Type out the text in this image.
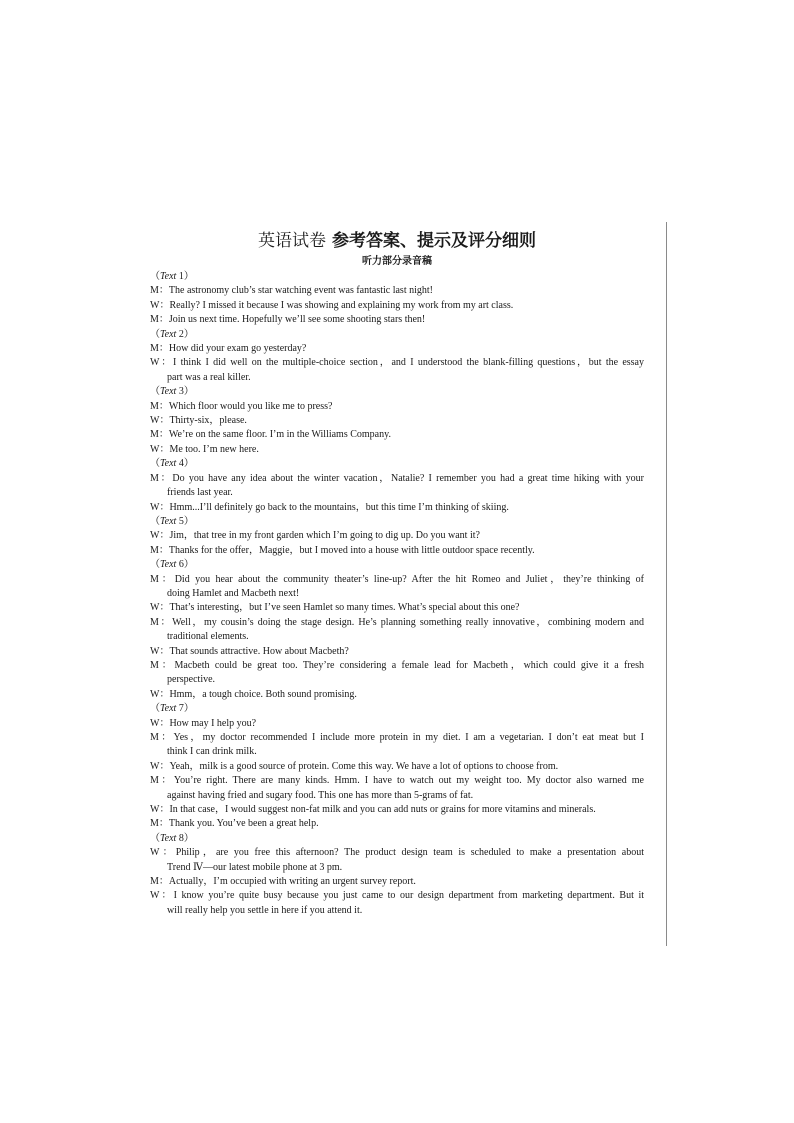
英语试卷 参考答案、提示及评分细则
听力部分录音稿
（Text 1）
M：The astronomy club’s star watching event was fantastic last night!
W：Really? I missed it because I was showing and explaining my work from my art class.
M：Join us next time. Hopefully we’ll see some shooting stars then!
（Text 2）
M：How did your exam go yesterday?
W：I think I did well on the multiple-choice section，and I understood the blank-filling questions，but the essay
part was a real killer.
（Text 3）
M：Which floor would you like me to press?
W：Thirty-six，please.
M：We’re on the same floor. I’m in the Williams Company.
W：Me too. I’m new here.
（Text 4）
M：Do you have any idea about the winter vacation，Natalie? I remember you had a great time hiking with your
friends last year.
W：Hmm...I’ll definitely go back to the mountains，but this time I’m thinking of skiing.
（Text 5）
W：Jim，that tree in my front garden which I’m going to dig up. Do you want it?
M：Thanks for the offer，Maggie，but I moved into a house with little outdoor space recently.
（Text 6）
M：Did you hear about the community theater’s line-up? After the hit Romeo and Juliet，they’re thinking of
doing Hamlet and Macbeth next!
W：That’s interesting，but I’ve seen Hamlet so many times. What’s special about this one?
M：Well，my cousin’s doing the stage design. He’s planning something really innovative，combining modern and
traditional elements.
W：That sounds attractive. How about Macbeth?
M：Macbeth could be great too. They’re considering a female lead for Macbeth，which could give it a fresh
perspective.
W：Hmm，a tough choice. Both sound promising.
（Text 7）
W：How may I help you?
M：Yes，my doctor recommended I include more protein in my diet. I am a vegetarian. I don’t eat meat but I
think I can drink milk.
W：Yeah，milk is a good source of protein. Come this way. We have a lot of options to choose from.
M：You’re right. There are many kinds. Hmm. I have to watch out my weight too. My doctor also warned me
against having fried and sugary food. This one has more than 5-grams of fat.
W：In that case，I would suggest non-fat milk and you can add nuts or grains for more vitamins and minerals.
M：Thank you. You’ve been a great help.
（Text 8）
W：Philip，are you free this afternoon? The product design team is scheduled to make a presentation about
Trend Ⅳ—our latest mobile phone at 3 pm.
M：Actually，I’m occupied with writing an urgent survey report.
W：I know you’re quite busy because you just came to our design department from marketing department. But it
will really help you settle in here if you attend it.
